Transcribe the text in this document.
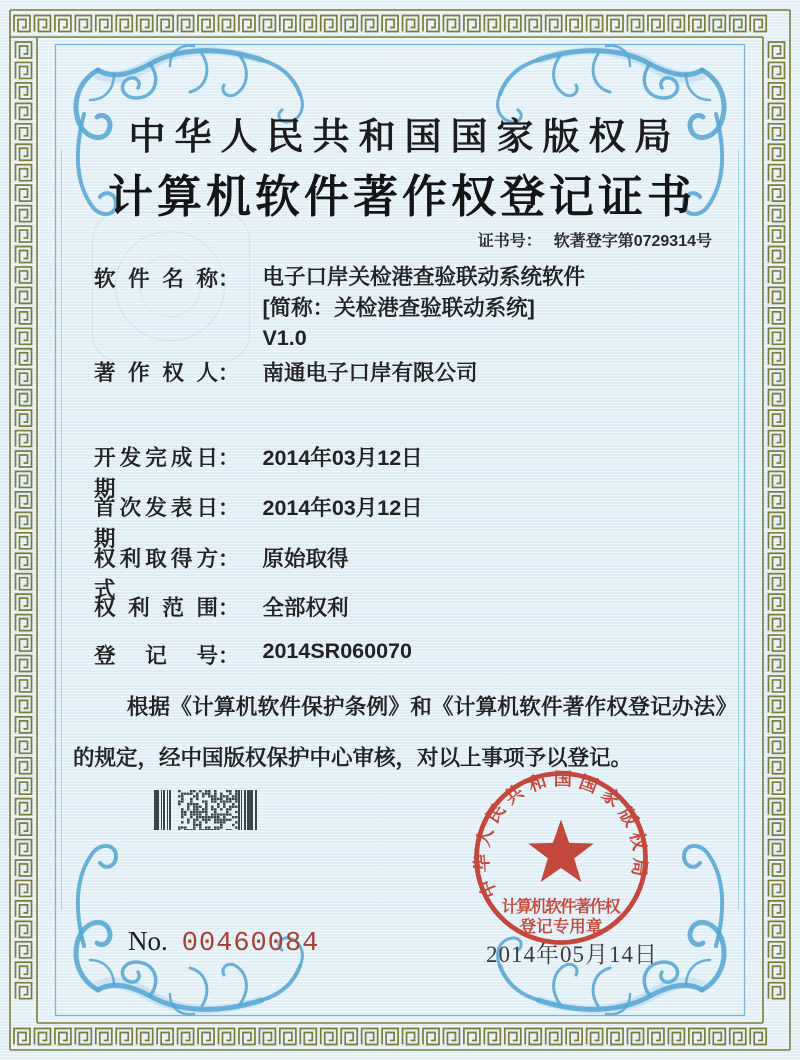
中华人民共和国国家版权局
计算机软件著作权登记证书
证书号： 软著登字第0729314号
软件名称： 电子口岸关检港查验联动系统软件
[简称：关检港查验联动系统]
V1.0
著作权人： 南通电子口岸有限公司
开发完成日期： 2014年03月12日
首次发表日期： 2014年03月12日
权利取得方式： 原始取得
权利范围： 全部权利
登记号： 2014SR060070
根据《计算机软件保护条例》和《计算机软件著作权登记办法》的规定，经中国版权保护中心审核，对以上事项予以登记。
中华人民共和国国家版权局
计算机软件著作权
登记专用章
2014年05月14日
No. 00460084
